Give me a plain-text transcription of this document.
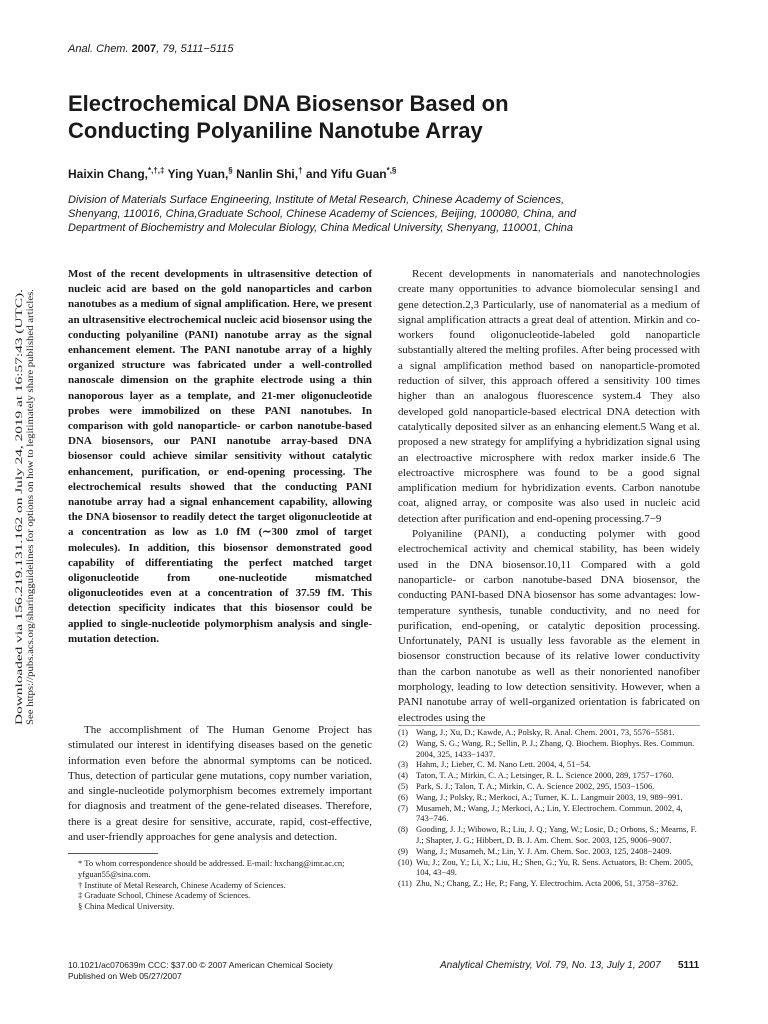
Anal. Chem. 2007, 79, 5111−5115
Electrochemical DNA Biosensor Based on
Conducting Polyaniline Nanotube Array
Haixin Chang,*,†,‡ Ying Yuan,§ Nanlin Shi,† and Yifu Guan*,§
Division of Materials Surface Engineering, Institute of Metal Research, Chinese Academy of Sciences,
Shenyang, 110016, China,Graduate School, Chinese Academy of Sciences, Beijing, 100080, China, and
Department of Biochemistry and Molecular Biology, China Medical University, Shenyang, 110001, China
Downloaded via 156.219.131.162 on July 24, 2019 at 16:57:43 (UTC). See https://pubs.acs.org/sharingguidelines for options on how to legitimately share published articles.
Most of the recent developments in ultrasensitive detection of nucleic acid are based on the gold nanoparticles and carbon nanotubes as a medium of signal amplification. Here, we present an ultrasensitive electrochemical nucleic acid biosensor using the conducting polyaniline (PANI) nanotube array as the signal enhancement element. The PANI nanotube array of a highly organized structure was fabricated under a well-controlled nanoscale dimension on the graphite electrode using a thin nanoporous layer as a template, and 21-mer oligonucleotide probes were immobilized on these PANI nanotubes. In comparison with gold nanoparticle- or carbon nanotube-based DNA biosensors, our PANI nanotube array-based DNA biosensor could achieve similar sensitivity without catalytic enhancement, purification, or end-opening processing. The electrochemical results showed that the conducting PANI nanotube array had a signal enhancement capability, allowing the DNA biosensor to readily detect the target oligonucleotide at a concentration as low as 1.0 fM (∼300 zmol of target molecules). In addition, this biosensor demonstrated good capability of differentiating the perfect matched target oligonucleotide from one-nucleotide mismatched oligonucleotides even at a concentration of 37.59 fM. This detection specificity indicates that this biosensor could be applied to single-nucleotide polymorphism analysis and single-mutation detection.
The accomplishment of The Human Genome Project has stimulated our interest in identifying diseases based on the genetic information even before the abnormal symptoms can be noticed. Thus, detection of particular gene mutations, copy number variation, and single-nucleotide polymorphism becomes extremely important for diagnosis and treatment of the gene-related diseases. Therefore, there is a great desire for sensitive, accurate, rapid, cost-effective, and user-friendly approaches for gene analysis and detection.
* To whom correspondence should be addressed. E-mail: hxchang@imr.ac.cn; yfguan55@sina.com.
† Institute of Metal Research, Chinese Academy of Sciences.
‡ Graduate School, Chinese Academy of Sciences.
§ China Medical University.

Recent developments in nanomaterials and nanotechnologies create many opportunities to advance biomolecular sensing1 and gene detection.2,3 Particularly, use of nanomaterial as a medium of signal amplification attracts a great deal of attention. Mirkin and co-workers found oligonucleotide-labeled gold nanoparticle substantially altered the melting profiles. After being processed with a signal amplification method based on nanoparticle-promoted reduction of silver, this approach offered a sensitivity 100 times higher than an analogous fluorescence system.4 They also developed gold nanoparticle-based electrical DNA detection with catalytically deposited silver as an enhancing element.5 Wang et al. proposed a new strategy for amplifying a hybridization signal using an electroactive microsphere with redox marker inside.6 The electroactive microsphere was found to be a good signal amplification medium for hybridization events. Carbon nanotube coat, aligned array, or composite was also used in nucleic acid detection after purification and end-opening processing.7−9

Polyaniline (PANI), a conducting polymer with good electrochemical activity and chemical stability, has been widely used in the DNA biosensor.10,11 Compared with a gold nanoparticle- or carbon nanotube-based DNA biosensor, the conducting PANI-based DNA biosensor has some advantages: low-temperature synthesis, tunable conductivity, and no need for purification, end-opening, or catalytic deposition processing. Unfortunately, PANI is usually less favorable as the element in biosensor construction because of its relative lower conductivity than the carbon nanotube as well as their nonoriented nanofiber morphology, leading to low detection sensitivity. However, when a PANI nanotube array of well-organized orientation is fabricated on electrodes using the

(1) Wang, J.; Xu, D.; Kawde, A.; Polsky, R. Anal. Chem. 2001, 73, 5576−5581.
(2) Wang, S. G.; Wang, R.; Sellin, P. J.; Zhang, Q. Biochem. Biophys. Res. Commun. 2004, 325, 1433−1437.
(3) Hahm, J.; Lieber, C. M. Nano Lett. 2004, 4, 51−54.
(4) Taton, T. A.; Mirkin, C. A.; Letsinger, R. L. Science 2000, 289, 1757−1760.
(5) Park, S. J.; Talon, T. A.; Mirkin, C. A. Science 2002, 295, 1503−1506.
(6) Wang, J.; Polsky, R.; Merkoci, A.; Turner, K. L. Langmuir 2003, 19, 989−991.
(7) Musameh, M.; Wang, J.; Merkoci, A.; Lin, Y. Electrochem. Commun. 2002, 4, 743−746.
(8) Gooding, J. J.; Wibowo, R.; Liu, J. Q.; Yang, W.; Losic, D.; Orbons, S.; Mearns, F. J.; Shapter, J. G.; Hibbert, D. B. J. Am. Chem. Soc. 2003, 125, 9006−9007.
(9) Wang, J.; Musameh, M.; Lin, Y. J. Am. Chem. Soc. 2003, 125, 2408−2409.
(10) Wu, J.; Zou, Y.; Li, X.; Liu, H.; Shen, G.; Yu, R. Sens. Actuators, B: Chem. 2005, 104, 43−49.
(11) Zhu, N.; Chang, Z.; He, P.; Fang, Y. Electrochim. Acta 2006, 51, 3758−3762.
10.1021/ac070639m CCC: $37.00 © 2007 American Chemical Society
Published on Web 05/27/2007
Analytical Chemistry, Vol. 79, No. 13, July 1, 2007 5111
